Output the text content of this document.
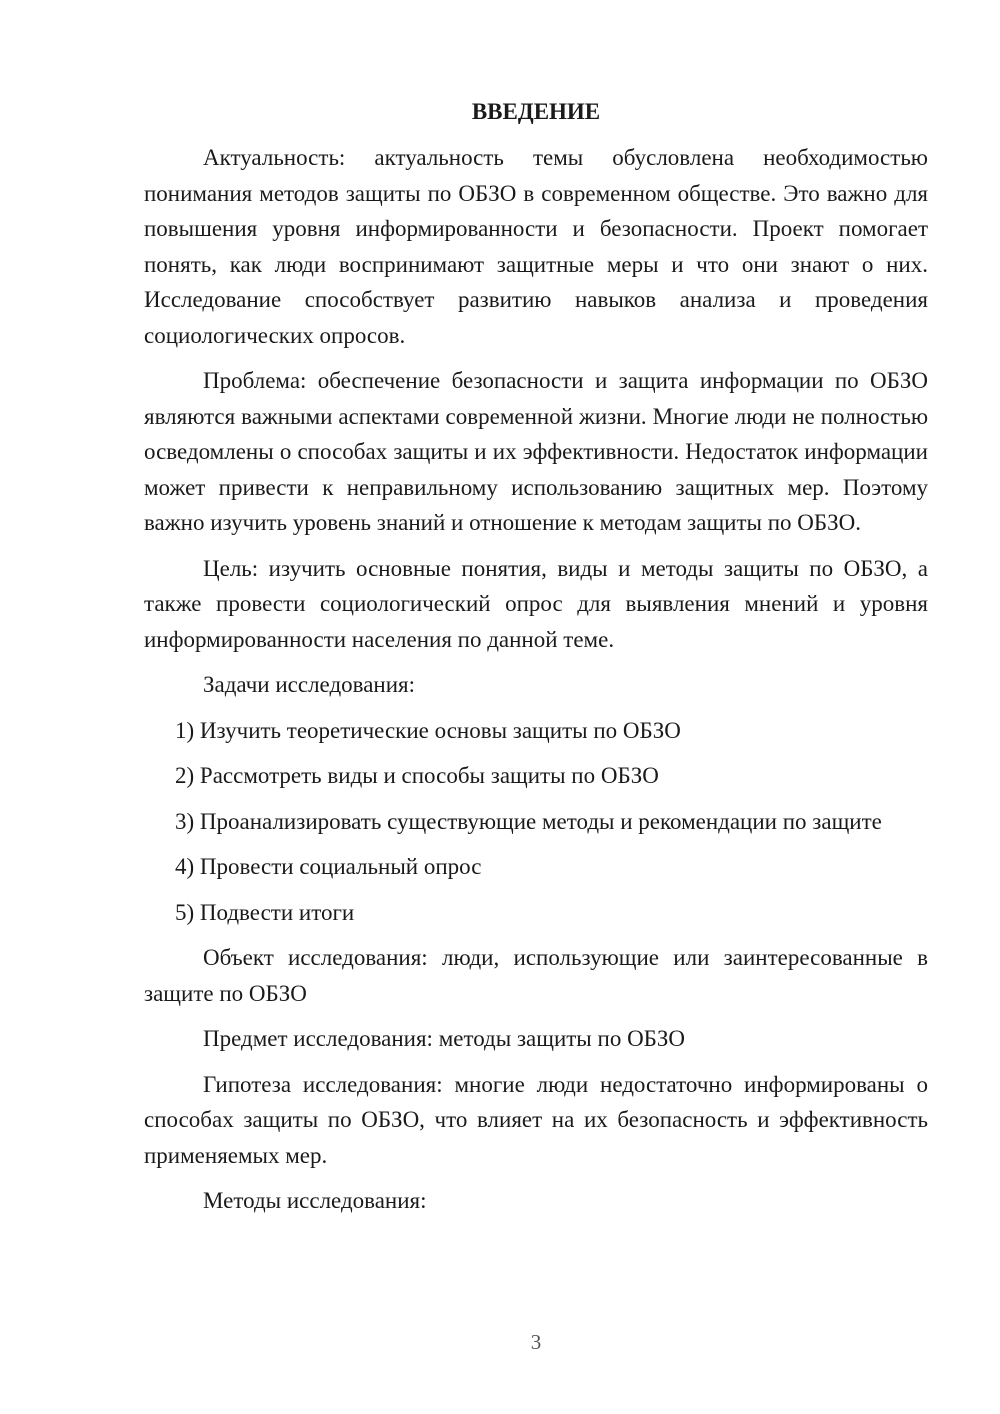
ВВЕДЕНИЕ

Актуальность: актуальность темы обусловлена необходимостью понимания методов защиты по ОБЗО в современном обществе. Это важно для повышения уровня информированности и безопасности. Проект помогает понять, как люди воспринимают защитные меры и что они знают о них. Исследование способствует развитию навыков анализа и проведения социологических опросов.

Проблема: обеспечение безопасности и защита информации по ОБЗО являются важными аспектами современной жизни. Многие люди не полностью осведомлены о способах защиты и их эффективности. Недостаток информации может привести к неправильному использованию защитных мер. Поэтому важно изучить уровень знаний и отношение к методам защиты по ОБЗО.

Цель: изучить основные понятия, виды и методы защиты по ОБЗО, а также провести социологический опрос для выявления мнений и уровня информированности населения по данной теме.

Задачи исследования:

1) Изучить теоретические основы защиты по ОБЗО

2) Рассмотреть виды и способы защиты по ОБЗО

3) Проанализировать существующие методы и рекомендации по защите

4) Провести социальный опрос

5) Подвести итоги

Объект исследования: люди, использующие или заинтересованные в защите по ОБЗО

Предмет исследования: методы защиты по ОБЗО

Гипотеза исследования: многие люди недостаточно информированы о способах защиты по ОБЗО, что влияет на их безопасность и эффективность применяемых мер.

Методы исследования:

3
